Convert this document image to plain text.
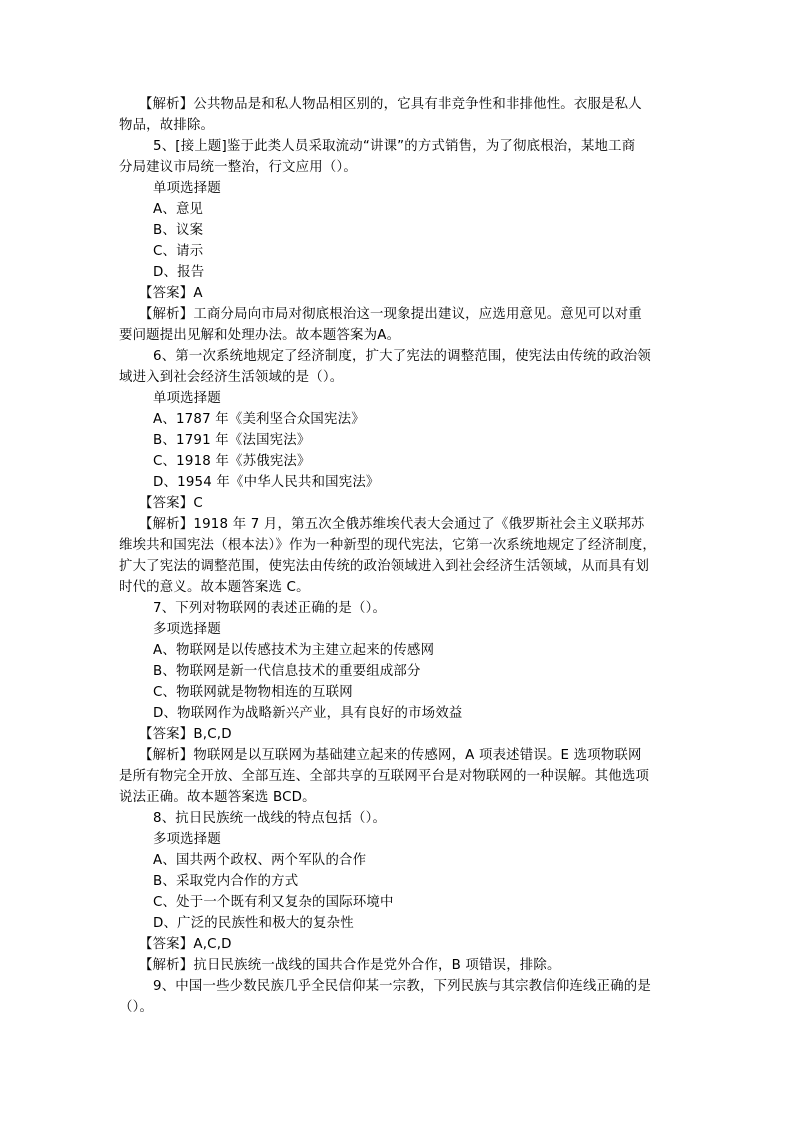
【解析】公共物品是和私人物品相区别的，它具有非竞争性和非排他性。衣服是私人
物品，故排除。
5、[接上题]鉴于此类人员采取流动“讲课”的方式销售，为了彻底根治，某地工商
分局建议市局统一整治，行文应用（）。
单项选择题
A、意见
B、议案
C、请示
D、报告
【答案】A
【解析】工商分局向市局对彻底根治这一现象提出建议，应选用意见。意见可以对重
要问题提出见解和处理办法。故本题答案为A。
6、第一次系统地规定了经济制度，扩大了宪法的调整范围，使宪法由传统的政治领
域进入到社会经济生活领域的是（）。
单项选择题
A、1787 年《美利坚合众国宪法》
B、1791 年《法国宪法》
C、1918 年《苏俄宪法》
D、1954 年《中华人民共和国宪法》
【答案】C
【解析】1918 年 7 月，第五次全俄苏维埃代表大会通过了《俄罗斯社会主义联邦苏
维埃共和国宪法（根本法）》作为一种新型的现代宪法，它第一次系统地规定了经济制度，
扩大了宪法的调整范围，使宪法由传统的政治领域进入到社会经济生活领域，从而具有划
时代的意义。故本题答案选 C。
7、下列对物联网的表述正确的是（）。
多项选择题
A、物联网是以传感技术为主建立起来的传感网
B、物联网是新一代信息技术的重要组成部分
C、物联网就是物物相连的互联网
D、物联网作为战略新兴产业，具有良好的市场效益
【答案】B,C,D
【解析】物联网是以互联网为基础建立起来的传感网，A 项表述错误。E 选项物联网
是所有物完全开放、全部互连、全部共享的互联网平台是对物联网的一种误解。其他选项
说法正确。故本题答案选 BCD。
8、抗日民族统一战线的特点包括（）。
多项选择题
A、国共两个政权、两个军队的合作
B、采取党内合作的方式
C、处于一个既有利又复杂的国际环境中
D、广泛的民族性和极大的复杂性
【答案】A,C,D
【解析】抗日民族统一战线的国共合作是党外合作，B 项错误，排除。
9、中国一些少数民族几乎全民信仰某一宗教，下列民族与其宗教信仰连线正确的是
（）。
